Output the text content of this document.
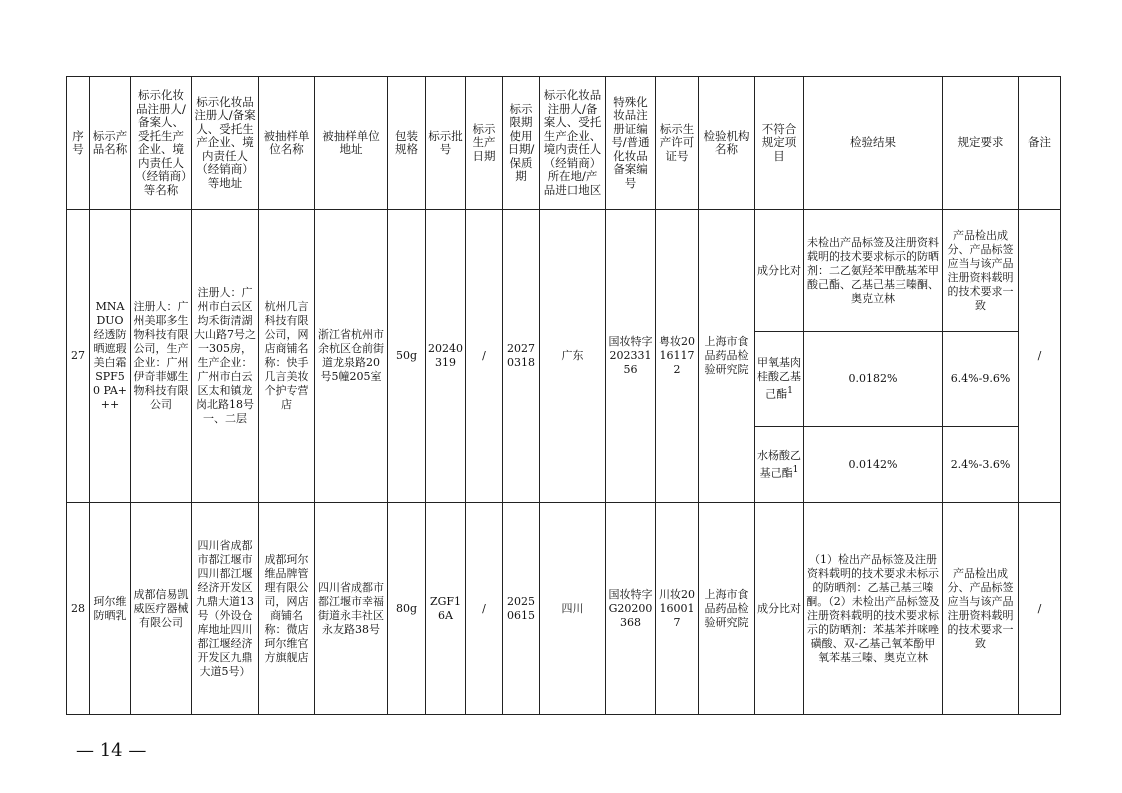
序号	标示产品名称	标示化妆品注册人/备案人、受托生产企业、境内责任人（经销商）等名称	标示化妆品注册人/备案人、受托生产企业、境内责任人（经销商）等地址	被抽样单位名称	被抽样单位地址	包装规格	标示批号	标示生产日期	标示限期使用日期/保质期	标示化妆品注册人/备案人、受托生产企业、境内责任人（经销商）所在地/产品进口地区	特殊化妆品注册证编号/普通化妆品备案编号	标示生产许可证号	检验机构名称	不符合规定项目	检验结果	规定要求	备注
27	MNA DUO经透防晒遮瑕美白霜SPF50 PA+++	注册人：广州美耶多生物科技有限公司，生产企业：广州伊奇菲娜生物科技有限公司	注册人：广州市白云区均禾街清湖大山路7号之一305房，生产企业：广州市白云区太和镇龙岗北路18号一、二层	杭州几言科技有限公司，网店商铺名称：快手几言美妆个护专营店	浙江省杭州市余杭区仓前街道龙泉路20号5幢205室	50g	20240319	/	20270318	广东	国妆特字20233156	粤妆20161172	上海市食品药品检验研究院	成分比对	未检出产品标签及注册资料载明的技术要求标示的防晒剂：二乙氨羟苯甲酰基苯甲酸己酯、乙基己基三嗪酮、奥克立林	产品检出成分、产品标签应当与该产品注册资料载明的技术要求一致	/
														甲氧基肉桂酸乙基己酯$^1$	0.0182%	6.4%-9.6%	
														水杨酸乙基己酯$^1$	0.0142%	2.4%-3.6%	
28	珂尔维防晒乳	成都信易凯威医疗器械有限公司	四川省成都市都江堰市四川都江堰经济开发区九鼎大道13号（外设仓库地址四川都江堰经济开发区九鼎大道5号）	成都珂尔维品牌管理有限公司，网店商铺名称：微店珂尔维官方旗舰店	四川省成都市都江堰市幸福街道永丰社区永友路38号	80g	ZGF16A	/	20250615	四川	国妆特字G20200368	川妆20160017	上海市食品药品检验研究院	成分比对	（1）检出产品标签及注册资料载明的技术要求未标示的防晒剂：乙基己基三嗪酮。（2）未检出产品标签及注册资料载明的技术要求标示的防晒剂：苯基苯并咪唑磺酸、双-乙基己氧苯酚甲氧苯基三嗪、奥克立林	产品检出成分、产品标签应当与该产品注册资料载明的技术要求一致	/
— 14 —
